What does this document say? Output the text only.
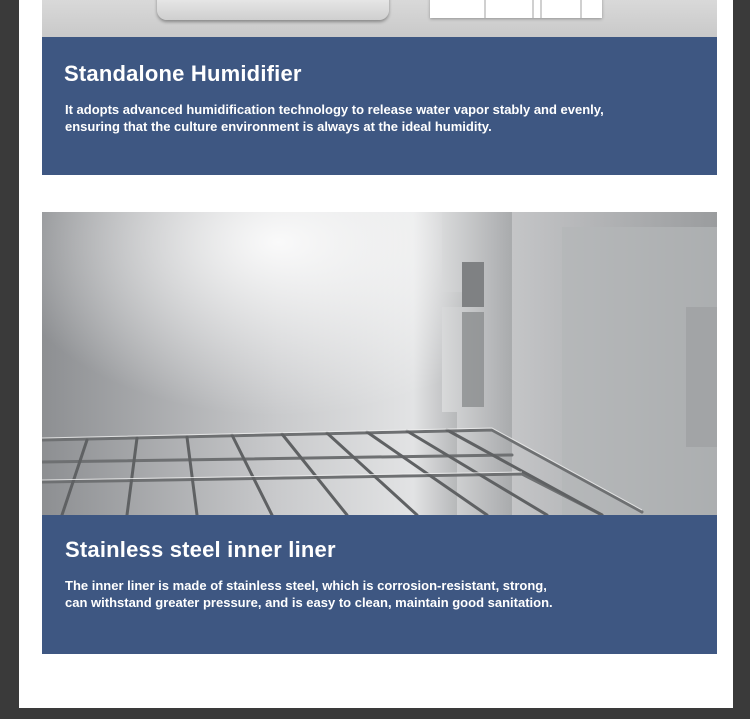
Standalone Humidifier

It adopts advanced humidification technology to release water vapor stably and evenly,
ensuring that the culture environment is always at the ideal humidity.

Stainless steel inner liner

The inner liner is made of stainless steel, which is corrosion-resistant, strong,
can withstand greater pressure, and is easy to clean, maintain good sanitation.
